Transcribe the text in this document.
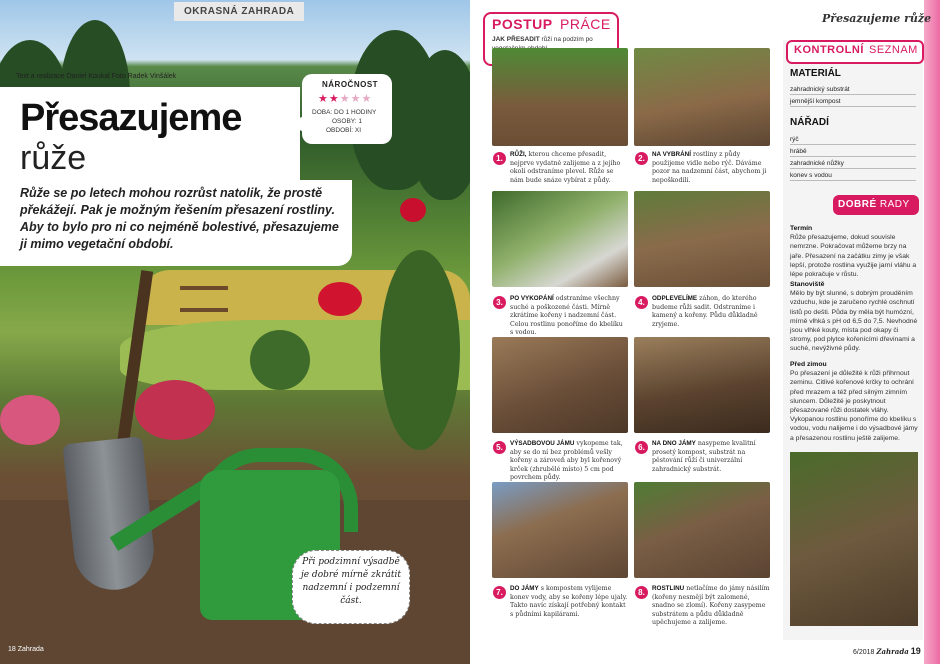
OKRASNÁ ZAHRADA
Text a realizace Daniel Koukal Foto Radek Vinšálek
Přesazujeme
růže
NÁROČNOST
★★★★★
DOBA: DO 1 HODINY
OSOBY: 1
OBDOBÍ: XI
Růže se po letech mohou rozrůst natolik, že prostě překážejí. Pak je možným řešením přesazení rostliny. Aby to bylo pro ni co nejméně bolestivé, přesazujeme ji mimo vegetační období.
Při podzimní výsadbě je dobré mírně zkrátit nadzemní i podzemní část.
18 Zahrada
Přesazujeme růže
POSTUP PRÁCE
JAK PŘESADIT růži na podzim po
1.	RŮŽI, kterou chceme přesadit, nejprve vydatně zalijeme a z jejího okolí odstraníme plevel. Růže se nám bude snáze vybírat z půdy.
2.	NA VYBRÁNÍ rostliny z půdy použijeme vidle nebo rýč. Dáváme pozor na nadzemní část, abychom ji nepoškodili.
3.	PO VYKOPÁNÍ odstraníme všechny suché a poškozené části. Mírně zkrátíme kořeny i nadzemní část. Celou rostlinu ponoříme do kbelíku s vodou.
4.	ODPLEVELÍME záhon, do kterého budeme růži sadit. Odstraníme i kamený a kořeny. Půdu důkladně zryjeme.
5.	VÝSADBOVOU JÁMU vykopeme tak, aby se do ní bez problémů vešly kořeny a zároveň aby byl kořenový krček (zhrubělé místo) 5 cm pod povrchem půdy.
6.	NA DNO JÁMY nasypeme kvalitní prosetý kompost, substrát na pěstování růží či univerzální zahradnický substrát.
7.	DO JÁMY s kompostem vylijeme konev vody, aby se kořeny lépe ujaly. Takto navíc získají potřebný kontakt s půdními kapilárami.
8.	ROSTLINU netlačíme do jámy násilím (kořeny nesmějí být zalomené, snadno se zlomí). Kořeny zasypeme substrátem a půdu důkladně upěchujeme a zalijeme.
KONTROLNÍ SEZNAM
MATERIÁL
zahradnický substrát
jemnější kompost
NÁŘADÍ
rýč
hrábě
zahradnické nůžky
konev s vodou
DOBRÉ RADY
Termín
Růže přesazujeme, dokud souvisle nemrzne. Pokračovat můžeme brzy na jaře. Přesazení na začátku zimy je však lepší, protože rostlina využije jarní vláhu a lépe pokračuje v růstu.
Stanoviště
Mělo by být slunné, s dobrým prouděním vzduchu, kde je zaručeno rychlé oschnutí listů po dešti. Půda by měla být humózní, mírně vlhká s pH od 6,5 do 7,5. Nevhodné jsou vlhké kouty, místa pod okapy či stromy, pod plytce kořenícími dřevinami a suché, nevýživné půdy.
Před zimou
Po přesazení je důležité k růži přihrnout zeminu. Citlivé kořenové krčky to ochrání před mrazem a též před silným zimním sluncem. Důležité je poskytnout přesazované růži dostatek vláhy. Vykopanou rostlinu ponoříme do kbelíku s vodou, vodu nalijeme i do výsadbové jámy a přesazenou rostlinu ještě zalijeme.
6/2018 Zahrada 19
